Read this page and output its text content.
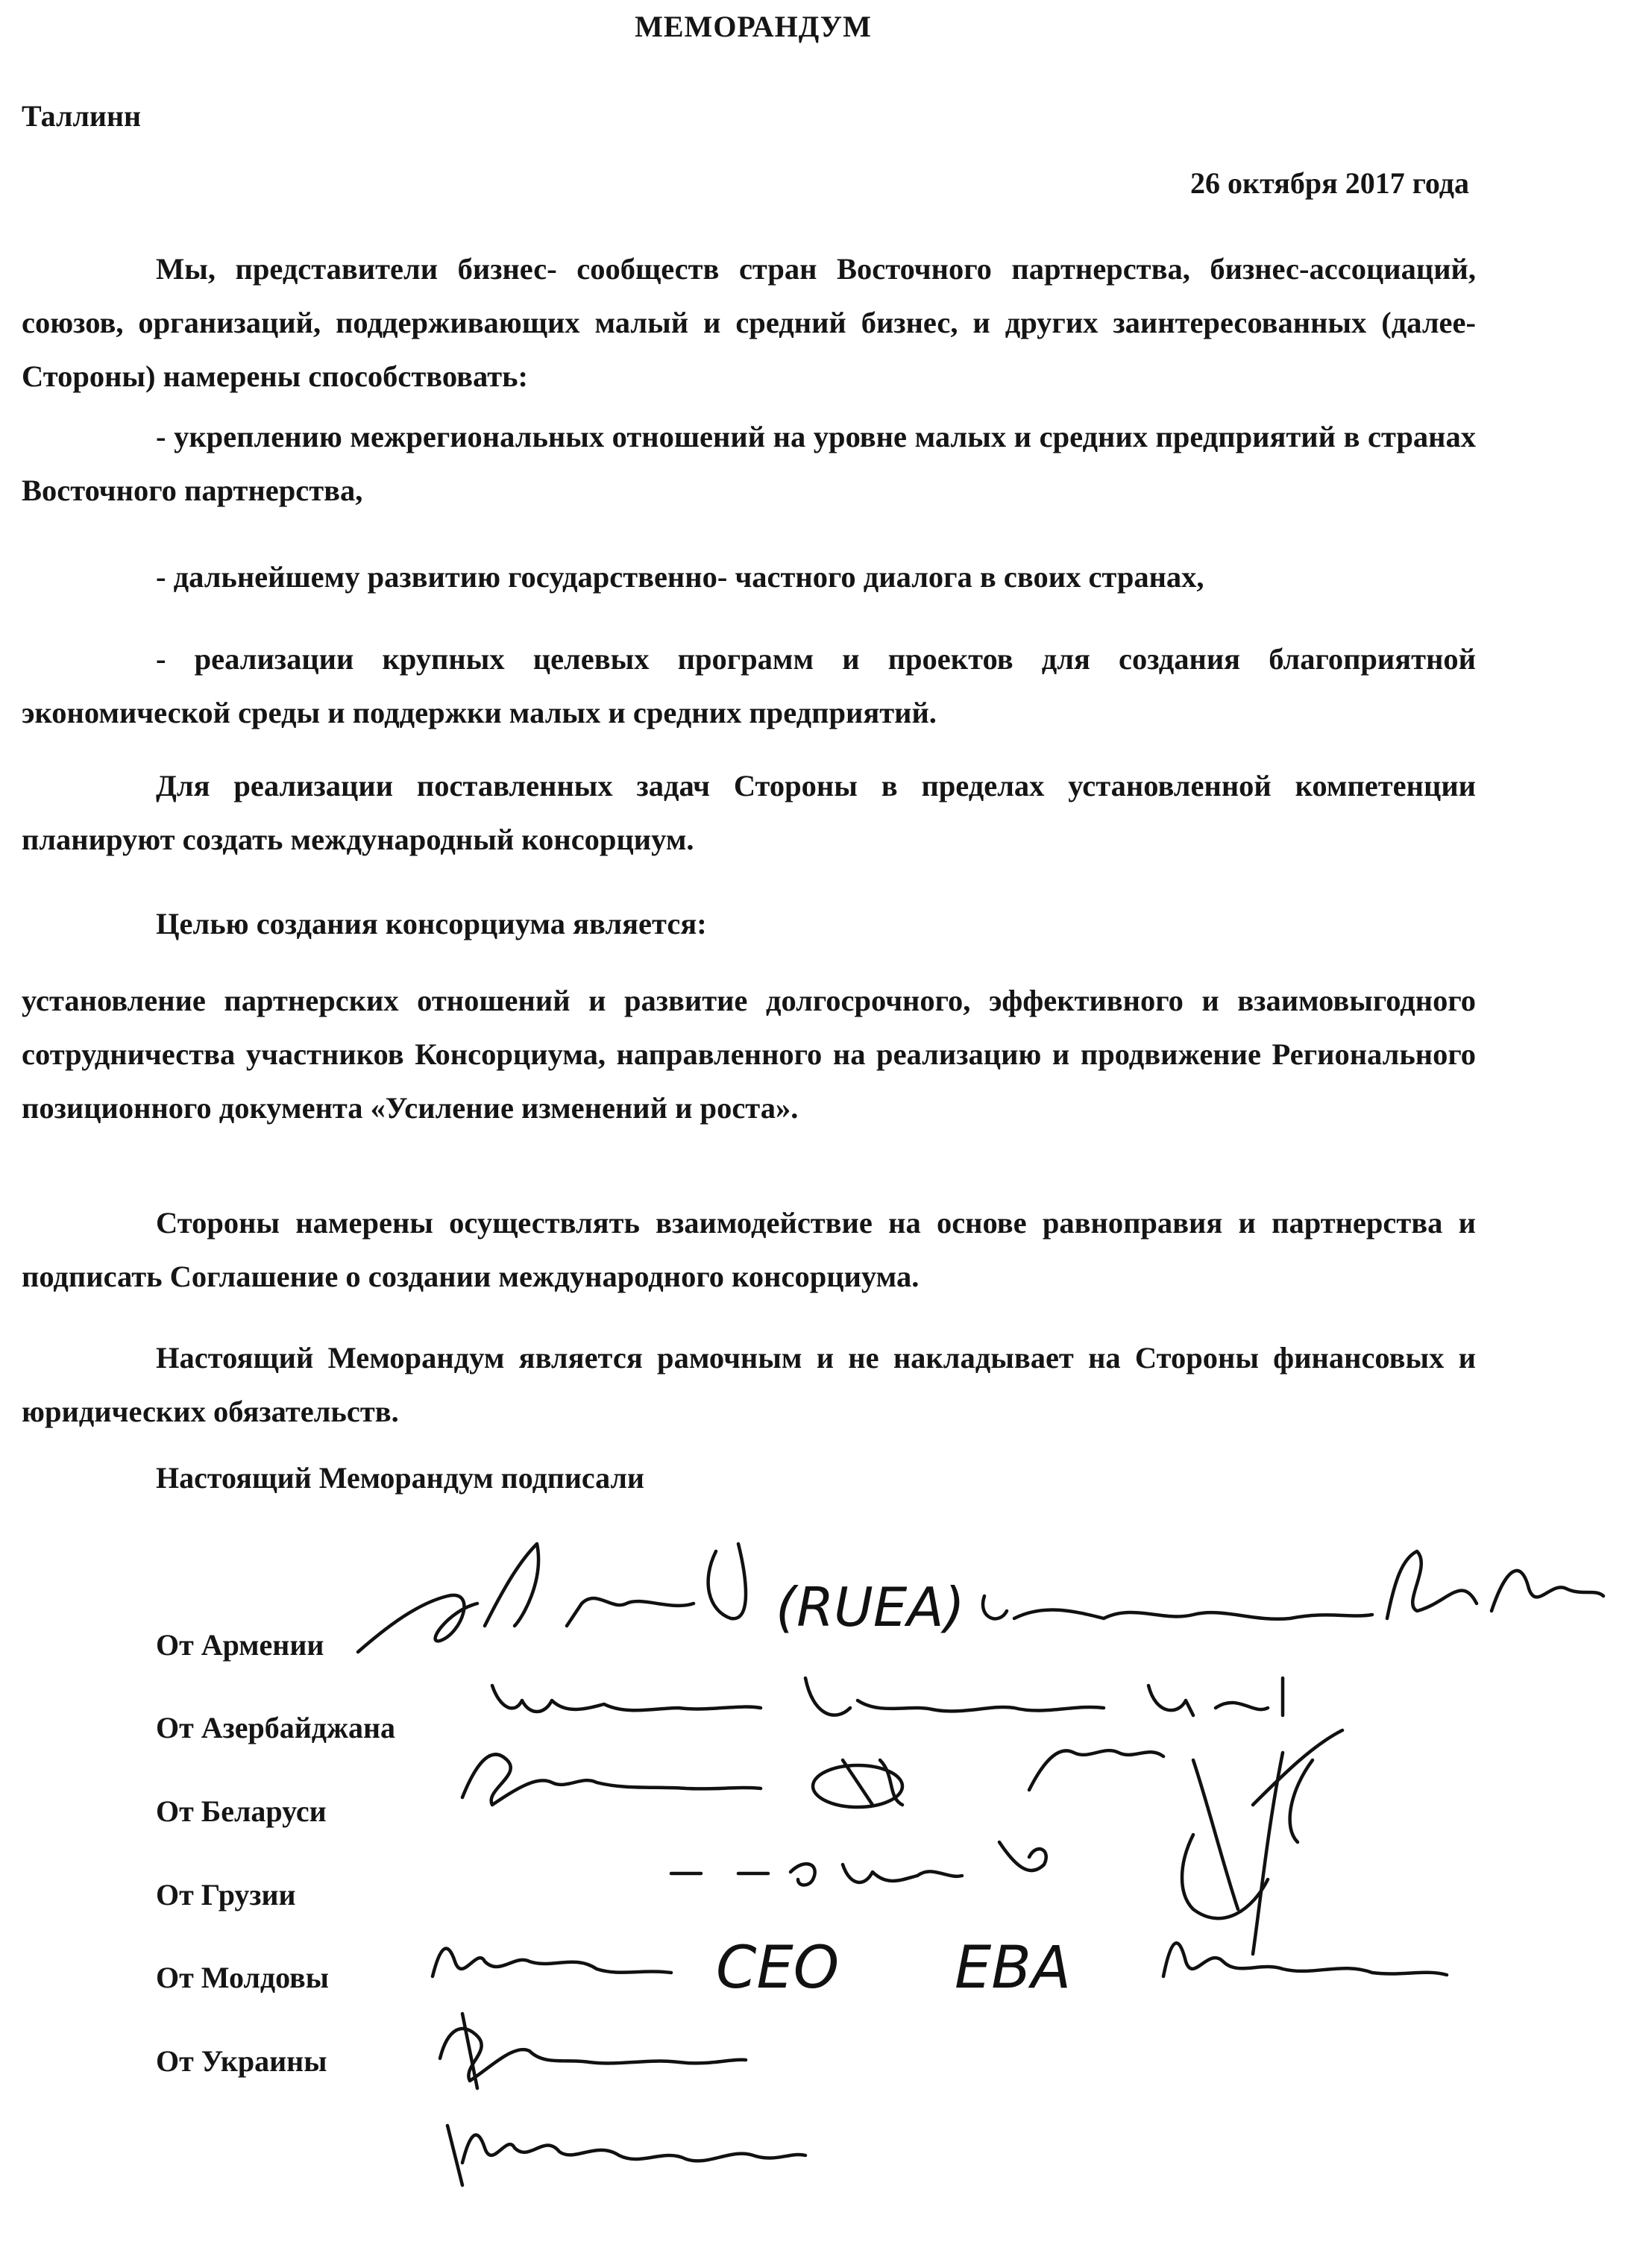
МЕМОРАНДУМ
Таллинн
26 октября 2017 года

Мы, представители бизнес- сообществ стран Восточного партнерства, бизнес-ассоциаций, союзов, организаций, поддерживающих малый и средний бизнес, и других заинтересованных (далее- Стороны) намерены способствовать:

- укреплению межрегиональных отношений на уровне малых и средних предприятий в странах Восточного партнерства,

- дальнейшему развитию государственно- частного диалога в своих странах,

- реализации крупных целевых программ и проектов для создания благоприятной экономической среды и поддержки малых и средних предприятий.

Для реализации поставленных задач Стороны в пределах установленной компетенции планируют создать международный консорциум.

Целью создания консорциума является:

установление партнерских отношений и развитие долгосрочного, эффективного и взаимовыгодного сотрудничества участников Консорциума, направленного на реализацию и продвижение Регионального позиционного документа «Усиление изменений и роста».

Стороны намерены осуществлять взаимодействие на основе равноправия и партнерства и подписать Соглашение о создании международного консорциума.

Настоящий Меморандум является рамочным и не накладывает на Стороны финансовых и юридических обязательств.

Настоящий Меморандум подписали
От Армении
От Азербайджана
От Беларуси
От Грузии
От Молдовы
От Украины
(RUEA)
CEO EBA
